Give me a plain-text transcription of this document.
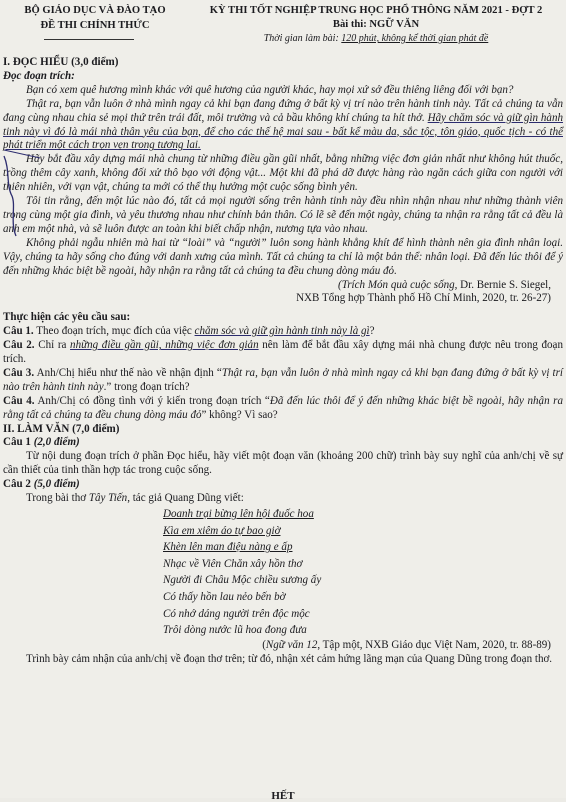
BỘ GIÁO DỤC VÀ ĐÀO TẠO
ĐỀ THI CHÍNH THỨC
KỲ THI TỐT NGHIỆP TRUNG HỌC PHỔ THÔNG NĂM 2021 - ĐỢT 2
Bài thi: NGỮ VĂN
Thời gian làm bài: 120 phút, không kể thời gian phát đề

I. ĐỌC HIỂU (3,0 điểm)

Đọc đoạn trích:

Bạn có xem quê hương mình khác với quê hương của người khác, hay mọi xứ sở đều thiêng liêng đối với bạn?

Thật ra, bạn vẫn luôn ở nhà mình ngay cả khi bạn đang đứng ở bất kỳ vị trí nào trên hành tinh này. Tất cả chúng ta vẫn đang cùng nhau chia sẻ mọi thứ trên trái đất, môi trường và cả bầu không khí chúng ta hít thở. Hãy chăm sóc và giữ gìn hành tinh này vì đó là mái nhà thân yêu của bạn, để cho các thế hệ mai sau - bất kể màu da, sắc tộc, tôn giáo, quốc tịch - có thể phát triển một cách trọn vẹn trong tương lai.

Hãy bắt đầu xây dựng mái nhà chung từ những điều gần gũi nhất, bằng những việc đơn giản nhất như không hút thuốc, trồng thêm cây xanh, không đối xử thô bạo với động vật... Một khi đã phá dỡ được hàng rào ngăn cách giữa con người với thiên nhiên, với vạn vật, chúng ta mới có thể thụ hưởng một cuộc sống bình yên.

Tôi tin rằng, đến một lúc nào đó, tất cả mọi người sống trên hành tinh này đều nhìn nhận nhau như những thành viên trong cùng một gia đình, và yêu thương nhau như chính bản thân. Có lẽ sẽ đến một ngày, chúng ta nhận ra rằng tất cả đều là anh em một nhà, và sẽ luôn được an toàn khi biết chấp nhận, nương tựa vào nhau.

Không phải ngẫu nhiên mà hai từ “loài” và “người” luôn song hành khẳng khít để hình thành nên gia đình nhân loại. Vậy, chúng ta hãy sống cho đúng với danh xưng của mình. Tất cả chúng ta chỉ là một bản thể: nhân loại. Đã đến lúc thôi để ý đến những khác biệt bề ngoài, hãy nhận ra rằng tất cả chúng ta đều chung dòng máu đỏ.

(Trích Món quà cuộc sống, Dr. Bernie S. Siegel,

NXB Tổng hợp Thành phố Hồ Chí Minh, 2020, tr. 26-27)

Thực hiện các yêu cầu sau:

Câu 1. Theo đoạn trích, mục đích của việc chăm sóc và giữ gìn hành tinh này là gì?

Câu 2. Chỉ ra những điều gần gũi, những việc đơn giản nên làm để bắt đầu xây dựng mái nhà chung được nêu trong đoạn trích.

Câu 3. Anh/Chị hiểu như thế nào về nhận định “Thật ra, bạn vẫn luôn ở nhà mình ngay cả khi bạn đang đứng ở bất kỳ vị trí nào trên hành tinh này.” trong đoạn trích?

Câu 4. Anh/Chị có đồng tình với ý kiến trong đoạn trích “Đã đến lúc thôi để ý đến những khác biệt bề ngoài, hãy nhận ra rằng tất cả chúng ta đều chung dòng máu đỏ” không? Vì sao?

II. LÀM VĂN (7,0 điểm)

Câu 1 (2,0 điểm)

Từ nội dung đoạn trích ở phần Đọc hiểu, hãy viết một đoạn văn (khoảng 200 chữ) trình bày suy nghĩ của anh/chị về sự cần thiết của tinh thần hợp tác trong cuộc sống.

Câu 2 (5,0 điểm)

Trong bài thơ Tây Tiến, tác giả Quang Dũng viết:

Doanh trại bừng lên hội đuốc hoa
Kìa em xiêm áo tự bao giờ
Khèn lên man điệu nàng e ấp
Nhạc về Viên Chăn xây hồn thơ
Người đi Châu Mộc chiều sương ấy
Có thấy hồn lau nẻo bến bờ
Có nhớ dáng người trên độc mộc
Trôi dòng nước lũ hoa đong đưa

(Ngữ văn 12, Tập một, NXB Giáo dục Việt Nam, 2020, tr. 88-89)

Trình bày cảm nhận của anh/chị về đoạn thơ trên; từ đó, nhận xét cảm hứng lãng mạn của Quang Dũng trong đoạn thơ.

HẾT
